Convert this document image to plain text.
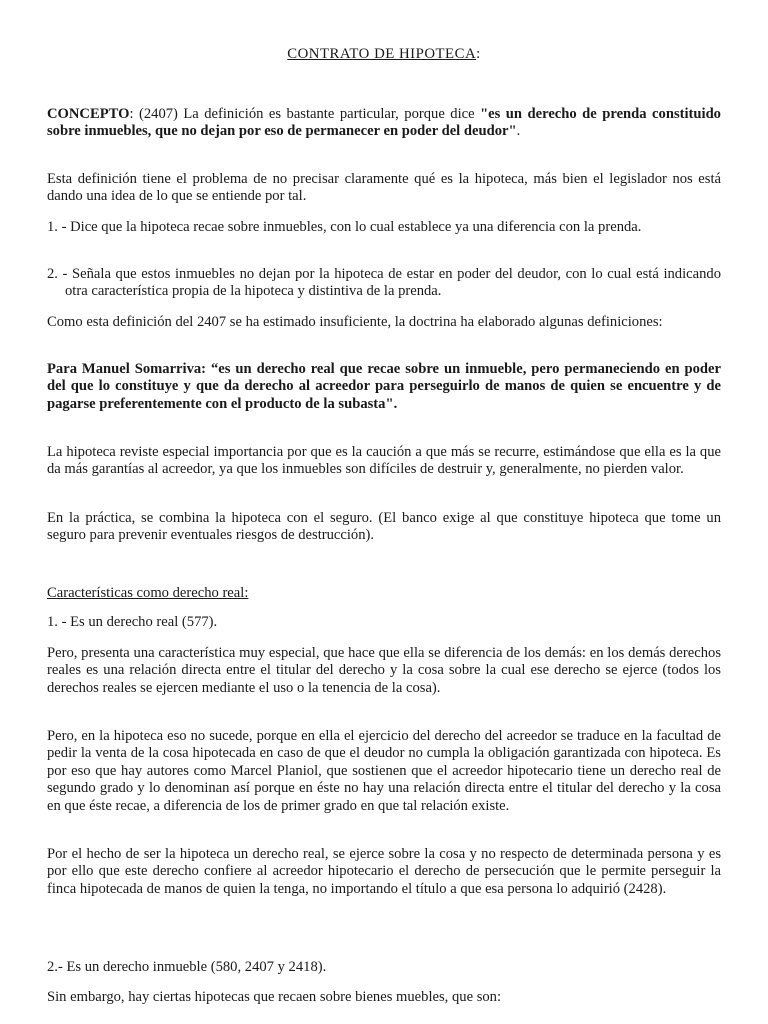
CONTRATO DE HIPOTECA:

CONCEPTO: (2407) La definición es bastante particular, porque dice "es un derecho de prenda constituido sobre inmuebles, que no dejan por eso de permanecer en poder del deudor".

Esta definición tiene el problema de no precisar claramente qué es la hipoteca, más bien el legislador nos está dando una idea de lo que se entiende por tal.

1. - Dice que la hipoteca recae sobre inmuebles, con lo cual establece ya una diferencia con la prenda.

2. - Señala que estos inmuebles no dejan por la hipoteca de estar en poder del deudor, con lo cual está indicando otra característica propia de la hipoteca y distintiva de la prenda.

Como esta definición del 2407 se ha estimado insuficiente, la doctrina ha elaborado algunas definiciones:

Para Manuel Somarriva: “es un derecho real que recae sobre un inmueble, pero permaneciendo en poder del que lo constituye y que da derecho al acreedor para perseguirlo de manos de quien se encuentre y de pagarse preferentemente con el producto de la subasta".

La hipoteca reviste especial importancia por que es la caución a que más se recurre, estimándose que ella es la que da más garantías al acreedor, ya que los inmuebles son difíciles de destruir y, generalmente, no pierden valor.

En la práctica, se combina la hipoteca con el seguro. (El banco exige al que constituye hipoteca que tome un seguro para prevenir eventuales riesgos de destrucción).

Características como derecho real:

1. - Es un derecho real (577).

Pero, presenta una característica muy especial, que hace que ella se diferencia de los demás: en los demás derechos reales es una relación directa entre el titular del derecho y la cosa sobre la cual ese derecho se ejerce (todos los derechos reales se ejercen mediante el uso o la tenencia de la cosa).

Pero, en la hipoteca eso no sucede, porque en ella el ejercicio del derecho del acreedor se traduce en la facultad de pedir la venta de la cosa hipotecada en caso de que el deudor no cumpla la obligación garantizada con hipoteca. Es por eso que hay autores como Marcel Planiol, que sostienen que el acreedor hipotecario tiene un derecho real de segundo grado y lo denominan así porque en éste no hay una relación directa entre el titular del derecho y la cosa en que éste recae, a diferencia de los de primer grado en que tal relación existe.

Por el hecho de ser la hipoteca un derecho real, se ejerce sobre la cosa y no respecto de determinada persona y es por ello que este derecho confiere al acreedor hipotecario el derecho de persecución que le permite perseguir la finca hipotecada de manos de quien la tenga, no importando el título a que esa persona lo adquirió (2428).

2.- Es un derecho inmueble (580, 2407 y 2418).

Sin embargo, hay ciertas hipotecas que recaen sobre bienes muebles, que son:
